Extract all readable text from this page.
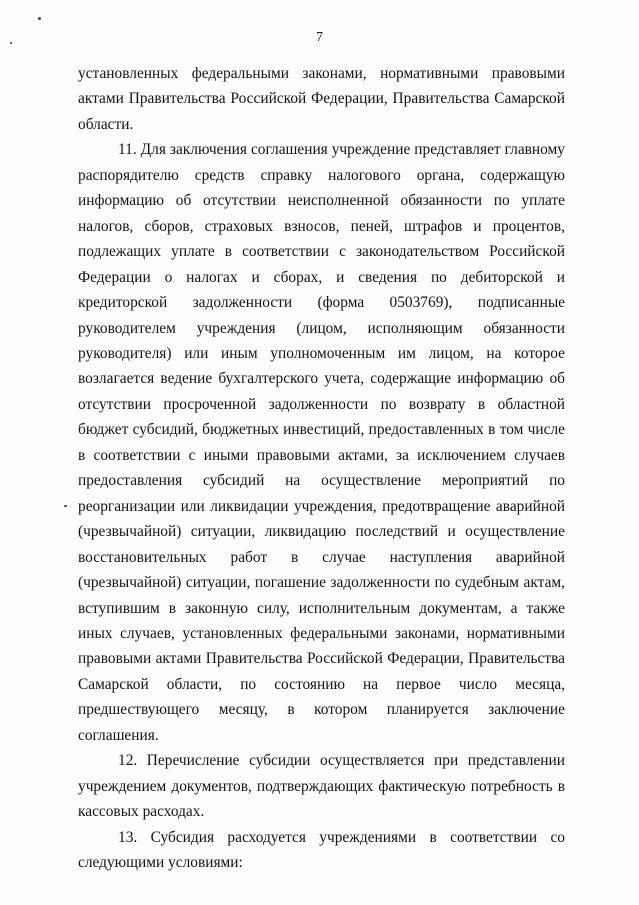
7

установленных федеральными законами, нормативными правовыми актами Правительства Российской Федерации, Правительства Самарской области.

11. Для заключения соглашения учреждение представляет главному распорядителю средств справку налогового органа, содержащую информацию об отсутствии неисполненной обязанности по уплате налогов, сборов, страховых взносов, пеней, штрафов и процентов, подлежащих уплате в соответствии с законодательством Российской Федерации о налогах и сборах, и сведения по дебиторской и кредиторской задолженности (форма 0503769), подписанные руководителем учреждения (лицом, исполняющим обязанности руководителя) или иным уполномоченным им лицом, на которое возлагается ведение бухгалтерского учета, содержащие информацию об отсутствии просроченной задолженности по возврату в областной бюджет субсидий, бюджетных инвестиций, предоставленных в том числе в соответствии с иными правовыми актами, за исключением случаев предоставления субсидий на осуществление мероприятий по реорганизации или ликвидации учреждения, предотвращение аварийной (чрезвычайной) ситуации, ликвидацию последствий и осуществление восстановительных работ в случае наступления аварийной (чрезвычайной) ситуации, погашение задолженности по судебным актам, вступившим в законную силу, исполнительным документам, а также иных случаев, установленных федеральными законами, нормативными правовыми актами Правительства Российской Федерации, Правительства Самарской области, по состоянию на первое число месяца, предшествующего месяцу, в котором планируется заключение соглашения.

12. Перечисление субсидии осуществляется при представлении учреждением документов, подтверждающих фактическую потребность в кассовых расходах.

13. Субсидия расходуется учреждениями в соответствии со следующими условиями:
